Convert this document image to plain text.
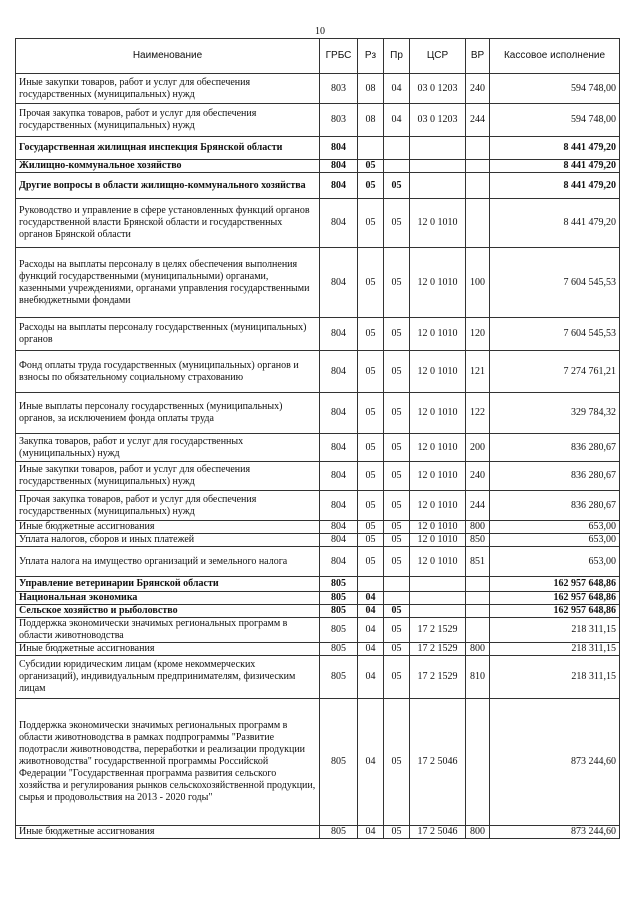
10
Наименование	ГРБС	Рз	Пр	ЦСР	ВР	Кассовое исполнение
Иные закупки товаров, работ и услуг для обеспечения государственных (муниципальных) нужд	803	08	04	03 0 1203	240	594 748,00
Прочая закупка товаров, работ и услуг для обеспечения государственных (муниципальных) нужд	803	08	04	03 0 1203	244	594 748,00
Государственная жилищная инспекция Брянской области	804					8 441 479,20
Жилищно-коммунальное хозяйство	804	05				8 441 479,20
Другие вопросы в области жилищно-коммунального хозяйства	804	05	05			8 441 479,20
Руководство и управление в сфере установленных функций органов государственной власти Брянской области и государственных органов Брянской области	804	05	05	12 0 1010		8 441 479,20
Расходы на выплаты персоналу в целях обеспечения выполнения функций государственными (муниципальными) органами, казенными учреждениями, органами управления государственными внебюджетными фондами	804	05	05	12 0 1010	100	7 604 545,53
Расходы на выплаты персоналу государственных (муниципальных) органов	804	05	05	12 0 1010	120	7 604 545,53
Фонд оплаты труда государственных (муниципальных) органов и взносы по обязательному социальному страхованию	804	05	05	12 0 1010	121	7 274 761,21
Иные выплаты персоналу государственных (муниципальных) органов, за исключением фонда оплаты труда	804	05	05	12 0 1010	122	329 784,32
Закупка товаров, работ и услуг для государственных (муниципальных) нужд	804	05	05	12 0 1010	200	836 280,67
Иные закупки товаров, работ и услуг для обеспечения государственных (муниципальных) нужд	804	05	05	12 0 1010	240	836 280,67
Прочая закупка товаров, работ и услуг для обеспечения государственных (муниципальных) нужд	804	05	05	12 0 1010	244	836 280,67
Иные бюджетные ассигнования	804	05	05	12 0 1010	800	653,00
Уплата налогов, сборов и иных платежей	804	05	05	12 0 1010	850	653,00
Уплата налога на имущество организаций и земельного налога	804	05	05	12 0 1010	851	653,00
Управление ветеринарии Брянской области	805					162 957 648,86
Национальная экономика	805	04				162 957 648,86
Сельское хозяйство и рыболовство	805	04	05			162 957 648,86
Поддержка экономически значимых региональных программ в области животноводства	805	04	05	17 2 1529		218 311,15
Иные бюджетные ассигнования	805	04	05	17 2 1529	800	218 311,15
Субсидии юридическим лицам (кроме некоммерческих организаций), индивидуальным предпринимателям, физическим лицам	805	04	05	17 2 1529	810	218 311,15
Поддержка экономически значимых региональных программ в области животноводства в рамках подпрограммы "Развитие подотрасли животноводства, переработки и реализации продукции животноводства" государственной программы Российской Федерации "Государственная программа развития сельского хозяйства и регулирования рынков сельскохозяйственной продукции, сырья и продовольствия на 2013 - 2020 годы"	805	04	05	17 2 5046		873 244,60
Иные бюджетные ассигнования	805	04	05	17 2 5046	800	873 244,60
